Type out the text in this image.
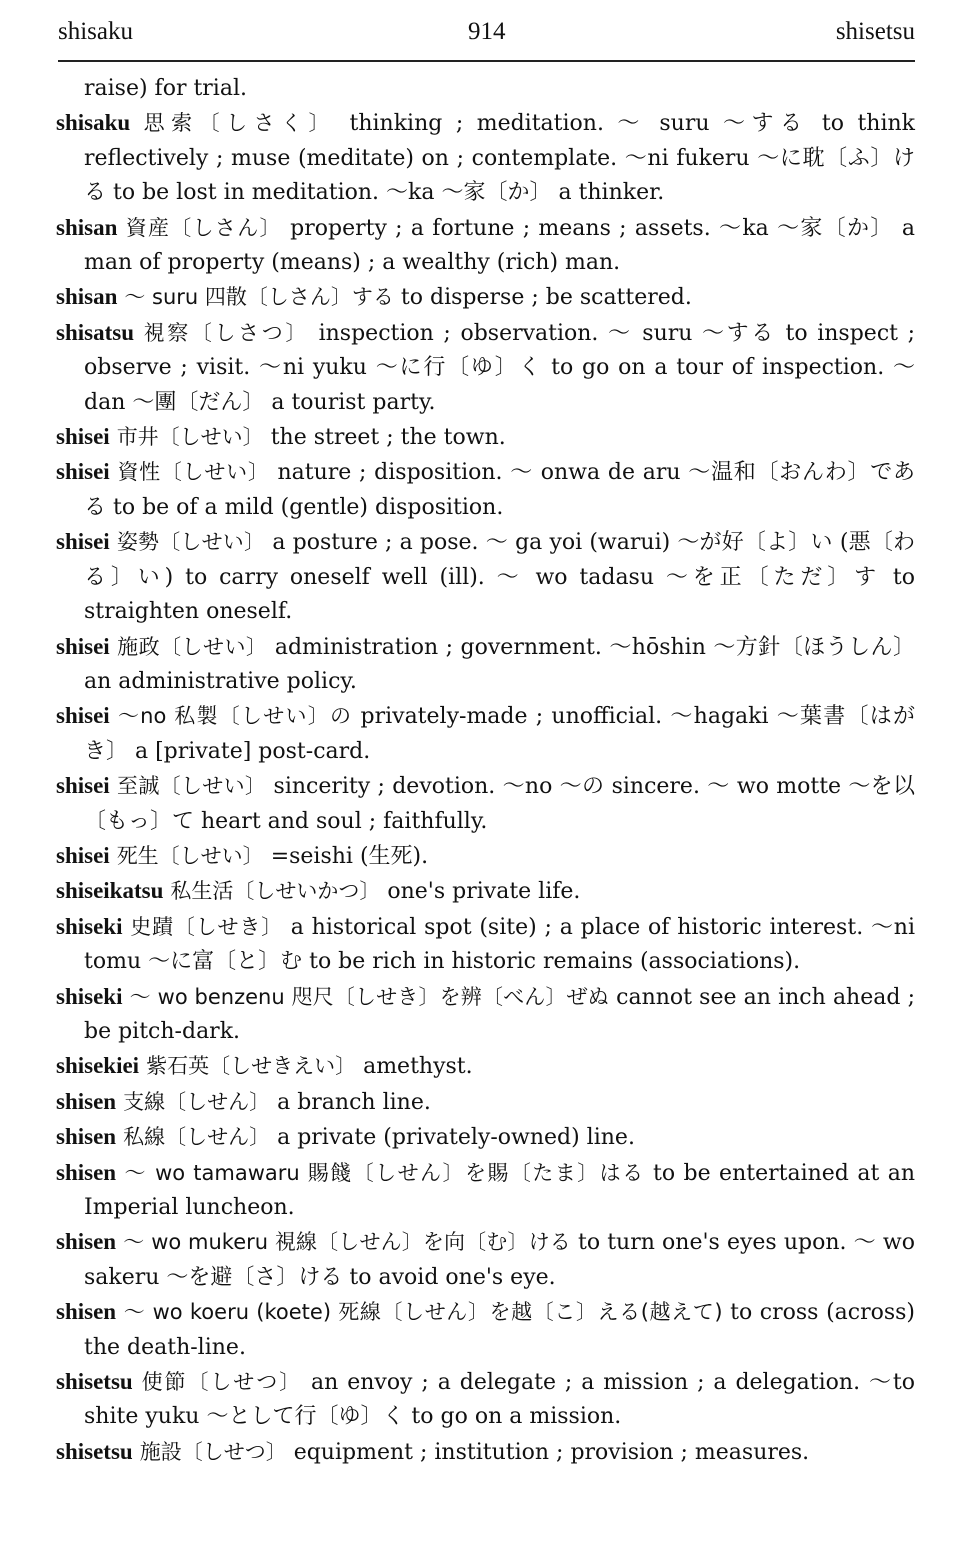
shisaku	914	shisetsu
raise) for trial.
shisaku 思索〔しさく〕 thinking ; meditation. ～ suru ～する to think reflectively ; muse (meditate) on ; contemplate. ～ni fukeru ～に耽〔ふ〕ける to be lost in meditation. ～ka ～家〔か〕 a thinker.
shisan 資産〔しさん〕 property ; a fortune ; means ; assets. ～ka ～家〔か〕 a man of property (means) ; a wealthy (rich) man.
shisan ～ suru 四散〔しさん〕する to disperse ; be scattered.
shisatsu 視察〔しさつ〕 inspection ; observation. ～ suru ～する to inspect ; observe ; visit. ～ni yuku ～に行〔ゆ〕く to go on a tour of inspection. ～dan ～團〔だん〕 a tourist party.
shisei 市井〔しせい〕 the street ; the town.
shisei 資性〔しせい〕 nature ; disposition. ～ onwa de aru ～温和〔おんわ〕である to be of a mild (gentle) disposition.
shisei 姿勢〔しせい〕 a posture ; a pose. ～ ga yoi (warui) ～が好〔よ〕い (悪〔わる〕い) to carry oneself well (ill). ～ wo tadasu ～を正〔ただ〕す to straighten oneself.
shisei 施政〔しせい〕 administration ; government. ～hōshin ～方針〔ほうしん〕 an administrative policy.
shisei ～no 私製〔しせい〕の privately-made ; unofficial. ～hagaki ～葉書〔はがき〕 a [private] post-card.
shisei 至誠〔しせい〕 sincerity ; devotion. ～no ～の sincere. ～ wo motte ～を以〔もっ〕て heart and soul ; faithfully.
shisei 死生〔しせい〕 =seishi (生死).
shiseikatsu 私生活〔しせいかつ〕 one's private life.
shiseki 史蹟〔しせき〕 a historical spot (site) ; a place of historic interest. ～ni tomu ～に富〔と〕む to be rich in historic remains (associations).
shiseki ～ wo benzenu 咫尺〔しせき〕を辨〔べん〕ぜぬ cannot see an inch ahead ; be pitch-dark.
shisekiei 紫石英〔しせきえい〕 amethyst.
shisen 支線〔しせん〕 a branch line.
shisen 私線〔しせん〕 a private (privately-owned) line.
shisen ～ wo tamawaru 賜餞〔しせん〕を賜〔たま〕はる to be entertained at an Imperial luncheon.
shisen ～ wo mukeru 視線〔しせん〕を向〔む〕ける to turn one's eyes upon. ～ wo sakeru ～を避〔さ〕ける to avoid one's eye.
shisen ～ wo koeru (koete) 死線〔しせん〕を越〔こ〕える(越えて) to cross (across) the death-line.
shisetsu 使節〔しせつ〕 an envoy ; a delegate ; a mission ; a delegation. ～to shite yuku ～として行〔ゆ〕く to go on a mission.
shisetsu 施設〔しせつ〕 equipment ; institution ; provision ; measures.
